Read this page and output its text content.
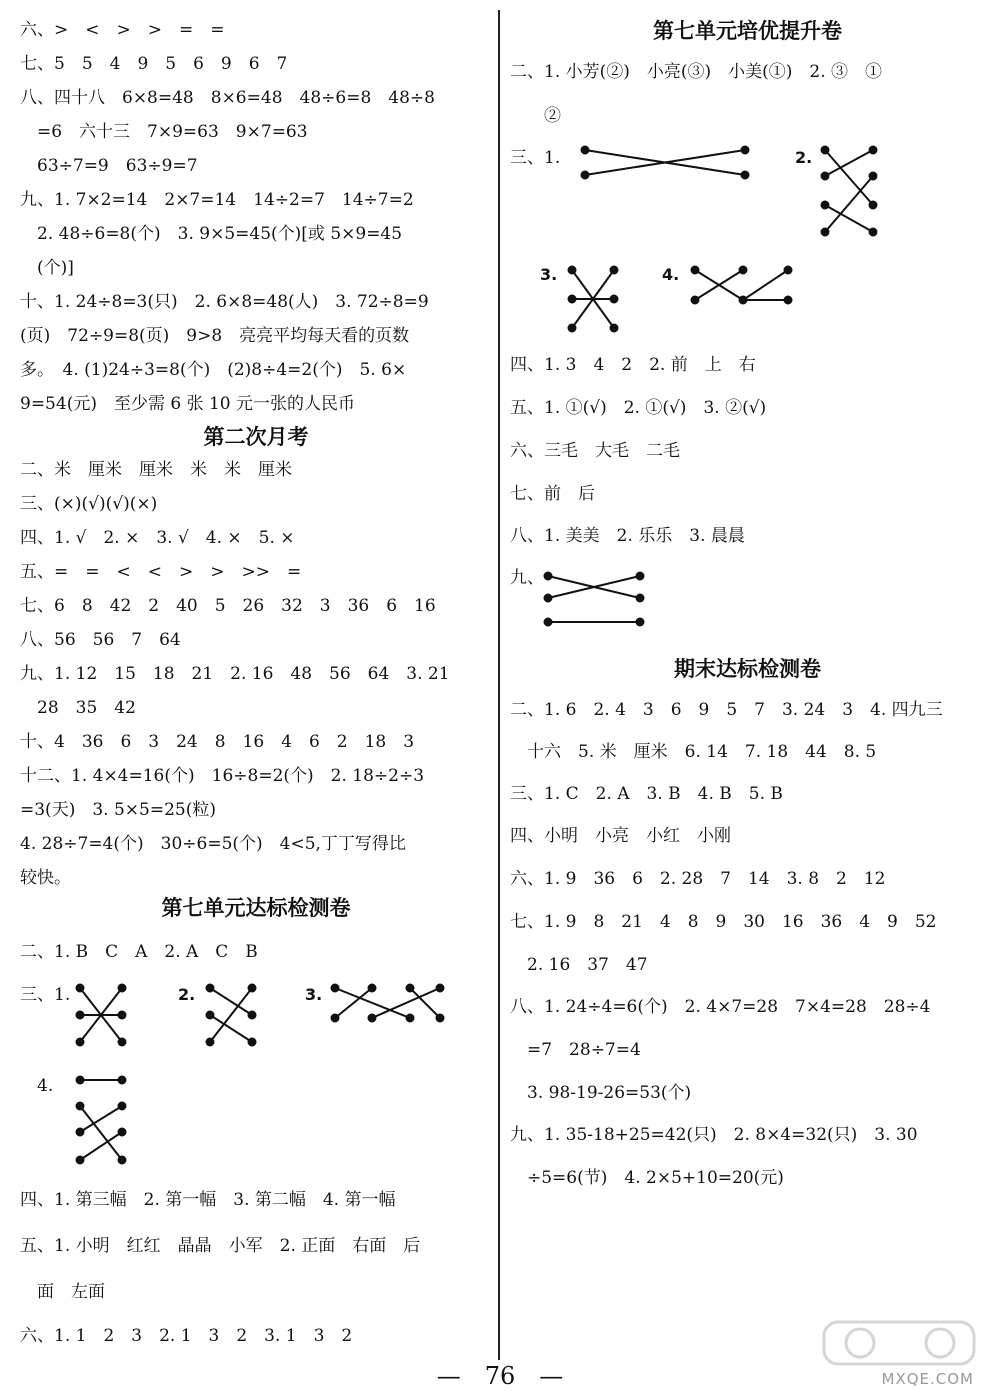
六、>　<　>　>　=　=
七、5　5　4　9　5　6　9　6　7
八、四十八　6×8=48　8×6=48　48÷6=8　48÷8
　=6　六十三　7×9=63　9×7=63
　63÷7=9　63÷9=7
九、1. 7×2=14　2×7=14　14÷2=7　14÷7=2
　2. 48÷6=8(个)　3. 9×5=45(个)[或 5×9=45
　(个)]
十、1. 24÷8=3(只)　2. 6×8=48(人)　3. 72÷8=9
(页)　72÷9=8(页)　9>8　亮亮平均每天看的页数
多。　4. (1)24÷3=8(个)　(2)8÷4=2(个)　5. 6×
9=54(元)　至少需 6 张 10 元一张的人民币
二、米　厘米　厘米　米　米　厘米
三、(×)(√)(√)(×)
四、1. √　2. ×　3. √　4. ×　5. ×
五、=　=　<　<　>　>　>>　=
七、6　8　42　2　40　5　26　32　3　36　6　16
八、56　56　7　64
九、1. 12　15　18　21　2. 16　48　56　64　3. 21
　28　35　42
十、4　36　6　3　24　8　16　4　6　2　18　3
十二、1. 4×4=16(个)　16÷8=2(个)　2. 18÷2÷3
=3(天)　3. 5×5=25(粒)
4. 28÷7=4(个)　30÷6=5(个)　4<5,丁丁写得比
较快。
二、1. B　C　A　2. A　C　B
三、1.
　4.
四、1. 第三幅　2. 第一幅　3. 第二幅　4. 第一幅
五、1. 小明　红红　晶晶　小军　2. 正面　右面　后
　面　左面
六、1. 1　2　3　2. 1　3　2　3. 1　3　2
第二次月考
第七单元达标检测卷
二、1. 小芳(②)　小亮(③)　小美(①)　2. ③　①
　　②
三、1.
四、1. 3　4　2　2. 前　上　右
五、1. ①(√)　2. ①(√)　3. ②(√)
六、三毛　大毛　二毛
七、前　后
八、1. 美美　2. 乐乐　3. 晨晨
九、
二、1. 6　2. 4　3　6　9　5　7　3. 24　3　4. 四九三
　十六　5. 米　厘米　6. 14　7. 18　44　8. 5
三、1. C　2. A　3. B　4. B　5. B
四、小明　小亮　小红　小刚
六、1. 9　36　6　2. 28　7　14　3. 8　2　12
七、1. 9　8　21　4　8　9　30　16　36　4　9　52
　2. 16　37　47
八、1. 24÷4=6(个)　2. 4×7=28　7×4=28　28÷4
　=7　28÷7=4
　3. 98-19-26=53(个)
九、1. 35-18+25=42(只)　2. 8×4=32(只)　3. 30
　÷5=6(节)　4. 2×5+10=20(元)
第七单元培优提升卷
期末达标检测卷
2.	3.
2.
3.	4.
—　76　—	MXQE.COM
